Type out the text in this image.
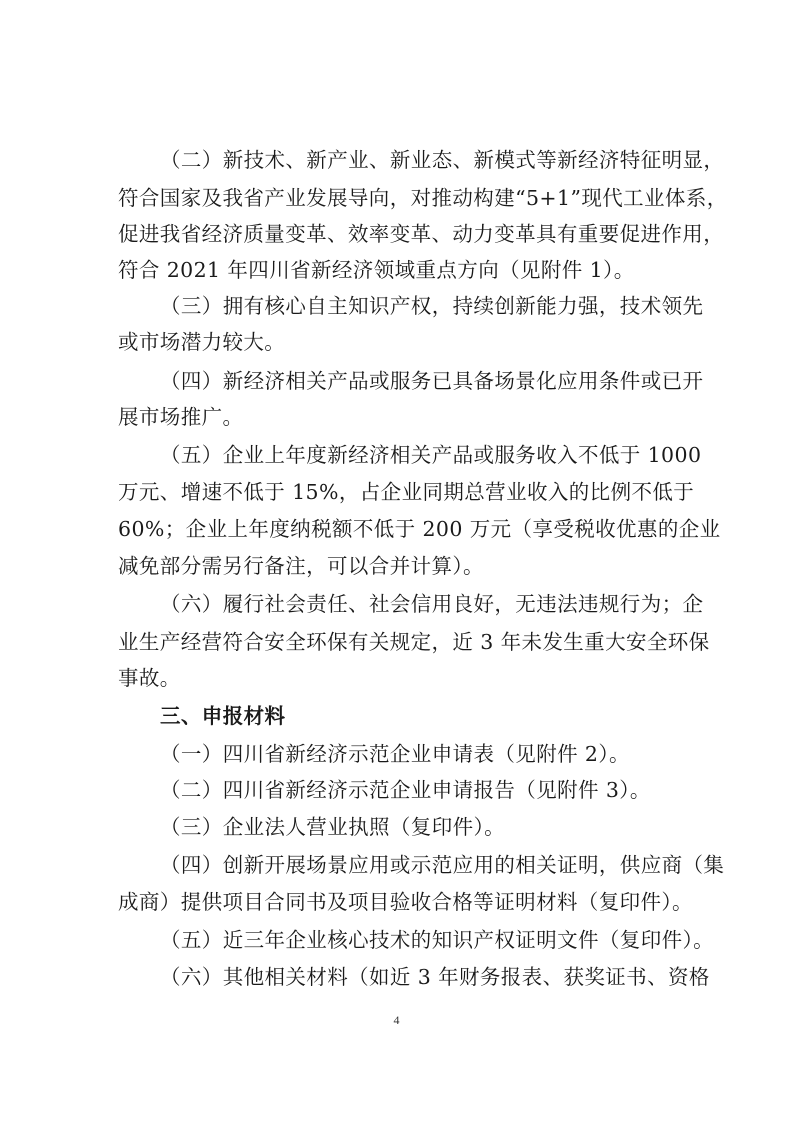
（二）新技术、新产业、新业态、新模式等新经济特征明显，
符合国家及我省产业发展导向，对推动构建“5+1”现代工业体系，
促进我省经济质量变革、效率变革、动力变革具有重要促进作用，
符合 2021 年四川省新经济领域重点方向（见附件 1）。
（三）拥有核心自主知识产权，持续创新能力强，技术领先
或市场潜力较大。
（四）新经济相关产品或服务已具备场景化应用条件或已开
展市场推广。
（五）企业上年度新经济相关产品或服务收入不低于 1000
万元、增速不低于 15%，占企业同期总营业收入的比例不低于
60%；企业上年度纳税额不低于 200 万元（享受税收优惠的企业
减免部分需另行备注，可以合并计算）。
（六）履行社会责任、社会信用良好，无违法违规行为；企
业生产经营符合安全环保有关规定，近 3 年未发生重大安全环保
事故。
三、申报材料
（一）四川省新经济示范企业申请表（见附件 2）。
（二）四川省新经济示范企业申请报告（见附件 3）。
（三）企业法人营业执照（复印件）。
（四）创新开展场景应用或示范应用的相关证明，供应商（集
成商）提供项目合同书及项目验收合格等证明材料（复印件）。
（五）近三年企业核心技术的知识产权证明文件（复印件）。
（六）其他相关材料（如近 3 年财务报表、获奖证书、资格
4
